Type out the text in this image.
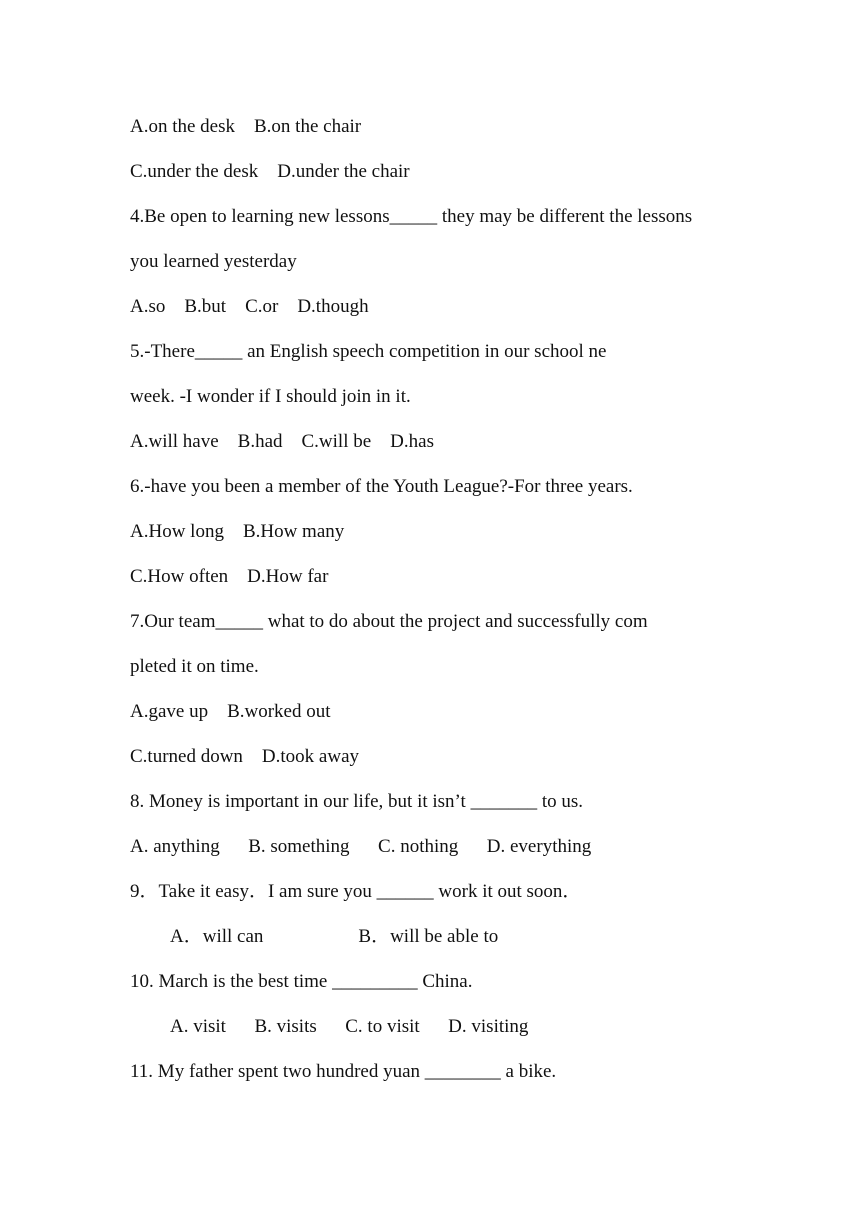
A.on the desk    B.on the chair
C.under the desk    D.under the chair
4.Be open to learning new lessons_____ they may be different the lessons
you learned yesterday
A.so    B.but    C.or    D.though
5.-There_____ an English speech competition in our school ne
week. -I wonder if I should join in it.
A.will have    B.had    C.will be    D.has
6.-have you been a member of the Youth League?-For three years.
A.How long    B.How many
C.How often    D.How far
7.Our team_____ what to do about the project and successfully com
pleted it on time.
A.gave up    B.worked out
C.turned down    D.took away
8. Money is important in our life, but it isn’t _______ to us.
A. anything      B. something      C. nothing      D. everything
9．Take it easy．I am sure you ______ work it out soon．
A．will can                    B．will be able to
10. March is the best time _________ China.
A. visit      B. visits      C. to visit      D. visiting
11. My father spent two hundred yuan ________ a bike.
